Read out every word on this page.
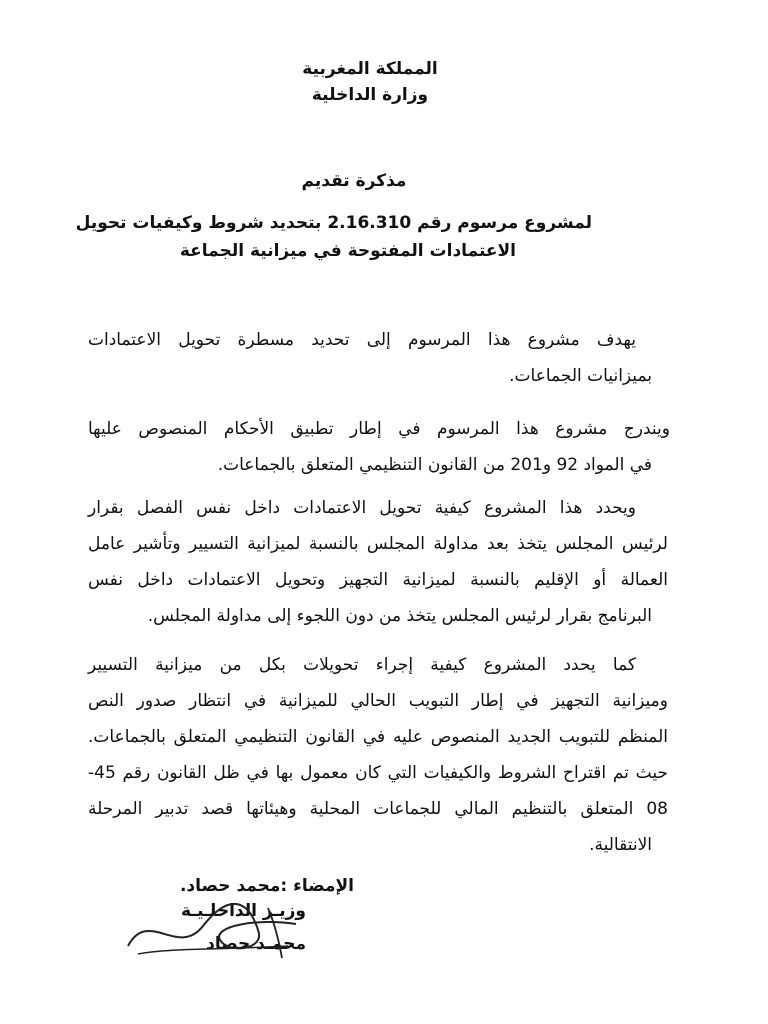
المملكة المغربية
وزارة الداخلية
مذكرة تقديم
لمشروع مرسوم رقم 2.16.310 بتحديد شروط وكيفيات تحويل
الاعتمادات المفتوحة في ميزانية الجماعة
يهدف مشروع هذا المرسوم إلى تحديد مسطرة تحويل الاعتمادات
بميزانيات الجماعات.
ويندرج مشروع هذا المرسوم في إطار تطبيق الأحكام المنصوص عليها
في المواد 92 و201 من القانون التنظيمي المتعلق بالجماعات.
ويحدد هذا المشروع كيفية تحويل الاعتمادات داخل نفس الفصل بقرار
لرئيس المجلس يتخذ بعد مداولة المجلس بالنسبة لميزانية التسيير وتأشير عامل
العمالة أو الإقليم بالنسبة لميزانية التجهيز وتحويل الاعتمادات داخل نفس
البرنامج بقرار لرئيس المجلس يتخذ من دون اللجوء إلى مداولة المجلس.
كما يحدد المشروع كيفية إجراء تحويلات بكل من ميزانية التسيير
وميزانية التجهيز في إطار التبويب الحالي للميزانية في انتظار صدور النص
المنظم للتبويب الجديد المنصوص عليه في القانون التنظيمي المتعلق بالجماعات.
حيث تم اقتراح الشروط والكيفيات التي كان معمول بها في ظل القانون رقم 45-
08 المتعلق بالتنظيم المالي للجماعات المحلية وهيئاتها قصد تدبير المرحلة
الانتقالية.
الإمضاء :محمد حصاد.
وزيـر الداخلـيـة
محمـد حصاد
